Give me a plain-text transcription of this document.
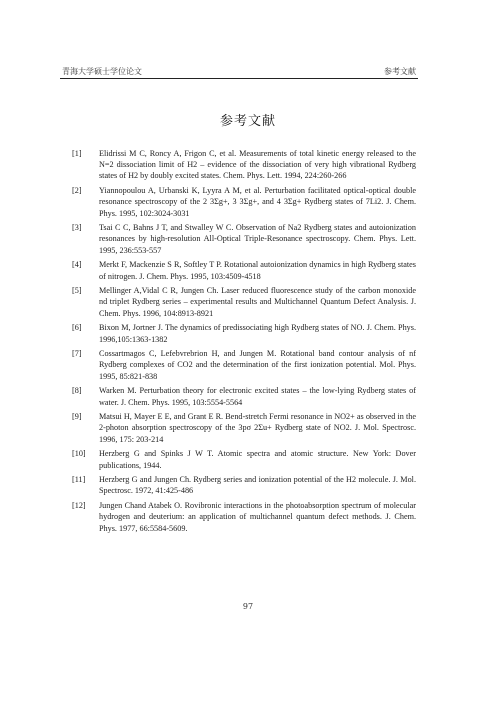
青海大学硕士学位论文	参考文献
参考文献
[1]	Elidrissi M C, Roncy A, Frigon C, et al. Measurements of total kinetic energy released to the N=2 dissociation limit of H2 – evidence of the dissociation of very high vibrational Rydberg states of H2 by doubly excited states. Chem. Phys. Lett. 1994, 224:260-266
[2]	Yiannopoulou A, Urbanski K, Lyyra A M, et al. Perturbation facilitated optical-optical double resonance spectroscopy of the 2 3Σg+, 3 3Σg+, and 4 3Σg+ Rydberg states of 7Li2. J. Chem. Phys. 1995, 102:3024-3031
[3]	Tsai C C, Bahns J T, and Stwalley W C. Observation of Na2 Rydberg states and autoionization resonances by high-resolution All-Optical Triple-Resonance spectroscopy. Chem. Phys. Lett. 1995, 236:553-557
[4]	Merkt F, Mackenzie S R, Softley T P. Rotational autoionization dynamics in high Rydberg states of nitrogen. J. Chem. Phys. 1995, 103:4509-4518
[5]	Mellinger A,Vidal C R, Jungen Ch. Laser reduced fluorescence study of the carbon monoxide nd triplet Rydberg series – experimental results and Multichannel Quantum Defect Analysis. J. Chem. Phys. 1996, 104:8913-8921
[6]	Bixon M, Jortner J. The dynamics of predissociating high Rydberg states of NO. J. Chem. Phys. 1996,105:1363-1382
[7]	Cossartmagos C, Lefebvrebrion H, and Jungen M. Rotational band contour analysis of nf Rydberg complexes of CO2 and the determination of the first ionization potential. Mol. Phys. 1995, 85:821-838
[8]	Warken M. Perturbation theory for electronic excited states – the low-lying Rydberg states of water. J. Chem. Phys. 1995, 103:5554-5564
[9]	Matsui H, Mayer E E, and Grant E R. Bend-stretch Fermi resonance in NO2+ as observed in the 2-photon absorption spectroscopy of the 3pσ 2Σu+ Rydberg state of NO2. J. Mol. Spectrosc. 1996, 175: 203-214
[10]	Herzberg G and Spinks J W T. Atomic spectra and atomic structure. New York: Dover publications, 1944.
[11]	Herzberg G and Jungen Ch. Rydberg series and ionization potential of the H2 molecule. J. Mol. Spectrosc. 1972, 41:425-486
[12]	Jungen Chand Atabek O. Rovibronic interactions in the photoabsorption spectrum of molecular hydrogen and deuterium: an application of multichannel quantum defect methods. J. Chem. Phys. 1977, 66:5584-5609.
97
